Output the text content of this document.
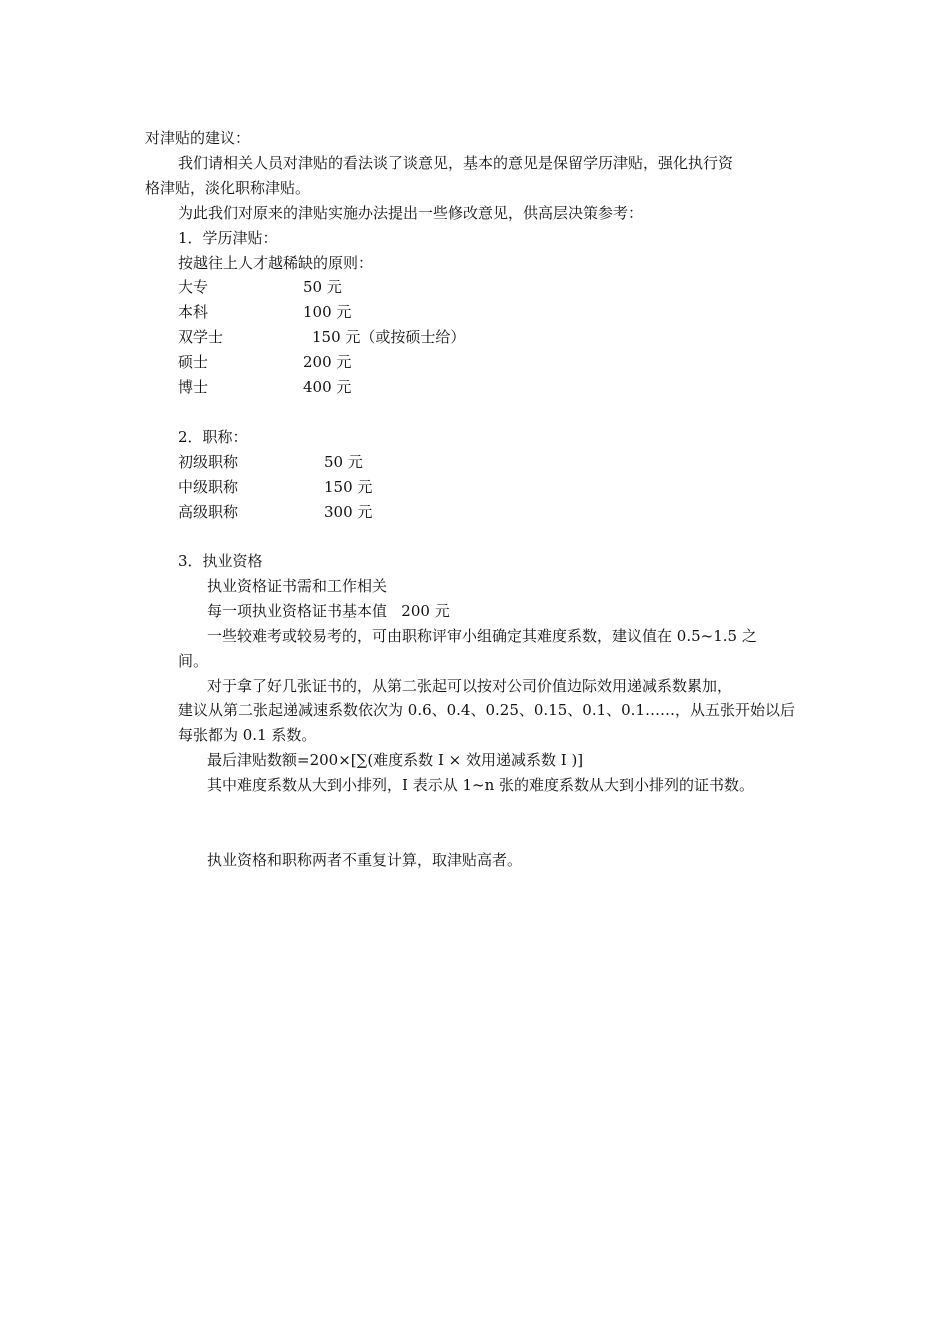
对津贴的建议：
我们请相关人员对津贴的看法谈了谈意见，基本的意见是保留学历津贴，强化执行资
格津贴，淡化职称津贴。
为此我们对原来的津贴实施办法提出一些修改意见，供高层决策参考：
1．学历津贴：
按越往上人才越稀缺的原则：
大专	50 元
本科	100 元
双学士	150 元（或按硕士给）
硕士	200 元
博士	400 元
2．职称：
初级职称	50 元
中级职称	150 元
高级职称	300 元
3．执业资格
执业资格证书需和工作相关
每一项执业资格证书基本值   200 元
一些较难考或较易考的，可由职称评审小组确定其难度系数，建议值在 0.5~1.5 之
间。
对于拿了好几张证书的，从第二张起可以按对公司价值边际效用递减系数累加，
建议从第二张起递减速系数依次为 0.6、0.4、0.25、0.15、0.1、0.1……，从五张开始以后
每张都为 0.1 系数。
最后津贴数额=200×[∑(难度系数 I × 效用递减系数 I )]
其中难度系数从大到小排列，I 表示从 1~n 张的难度系数从大到小排列的证书数。
执业资格和职称两者不重复计算，取津贴高者。
